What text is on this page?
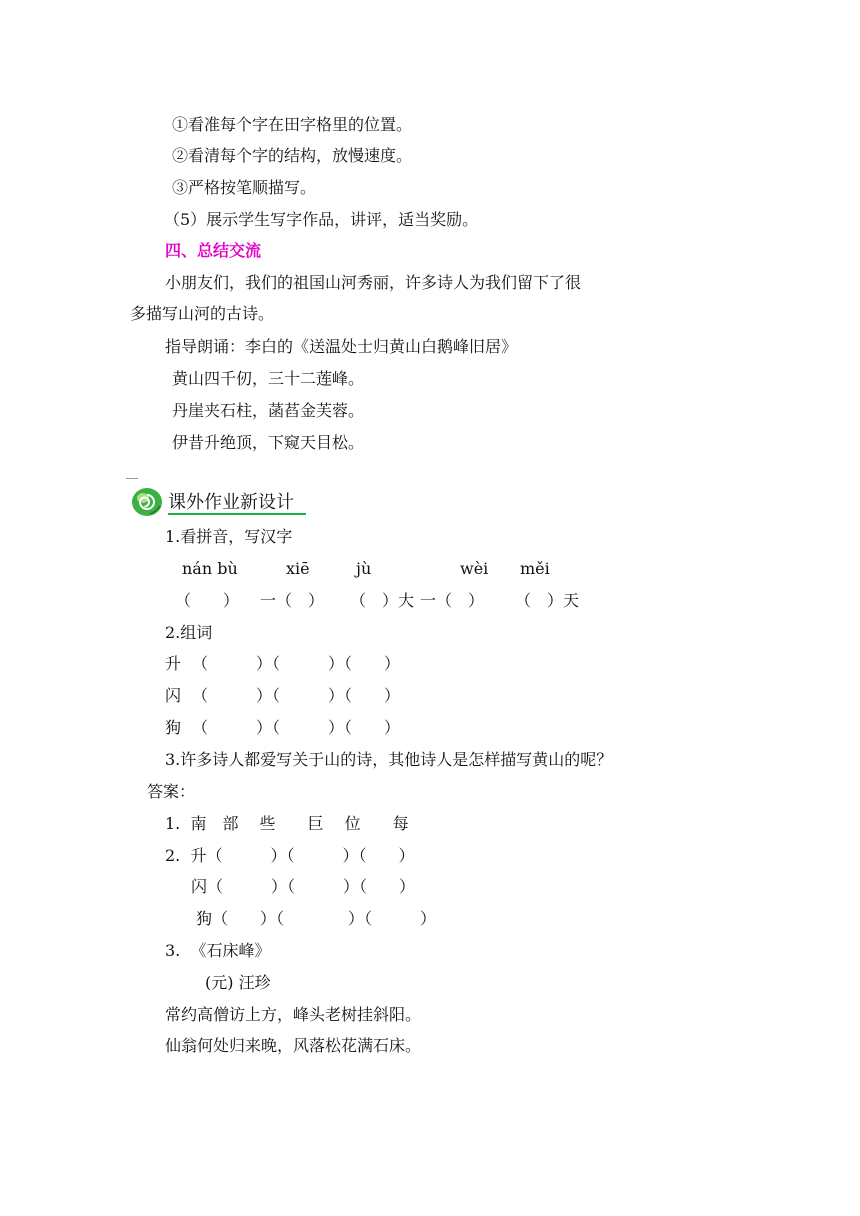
①看准每个字在田字格里的位置。
②看清每个字的结构，放慢速度。
③严格按笔顺描写。
（5）展示学生写字作品，讲评，适当奖励。
四、总结交流
小朋友们，我们的祖国山河秀丽，许多诗人为我们留下了很
多描写山河的古诗。
指导朗诵：李白的《送温处士归黄山白鹅峰旧居》
黄山四千仞，三十二莲峰。
丹崖夹石柱，菡萏金芙蓉。
伊昔升绝顶，下窥天目松。
课外作业新设计
1.看拼音，写汉字
nán bù	xiē	jù	wèi měi
（　　） 一（　） （　）大 一（　） （　）天
2.组词
升 （　　　）（　　　）（　　）
闪 （　　　）（　　　）（　　）
狗 （　　　）（　　　）（　　）
3.许多诗人都爱写关于山的诗，其他诗人是怎样描写黄山的呢？
答案：
1.  南　部　 些　　巨　 位　　每
2.  升（　　　）（　　　）（　　）
闪（　　　）（　　　）（　　）
狗（　　）（　　　　）（　　　）
3.  《石床峰》
(元) 汪珍
常约高僧访上方，峰头老树挂斜阳。
仙翁何处归来晚，风落松花满石床。
